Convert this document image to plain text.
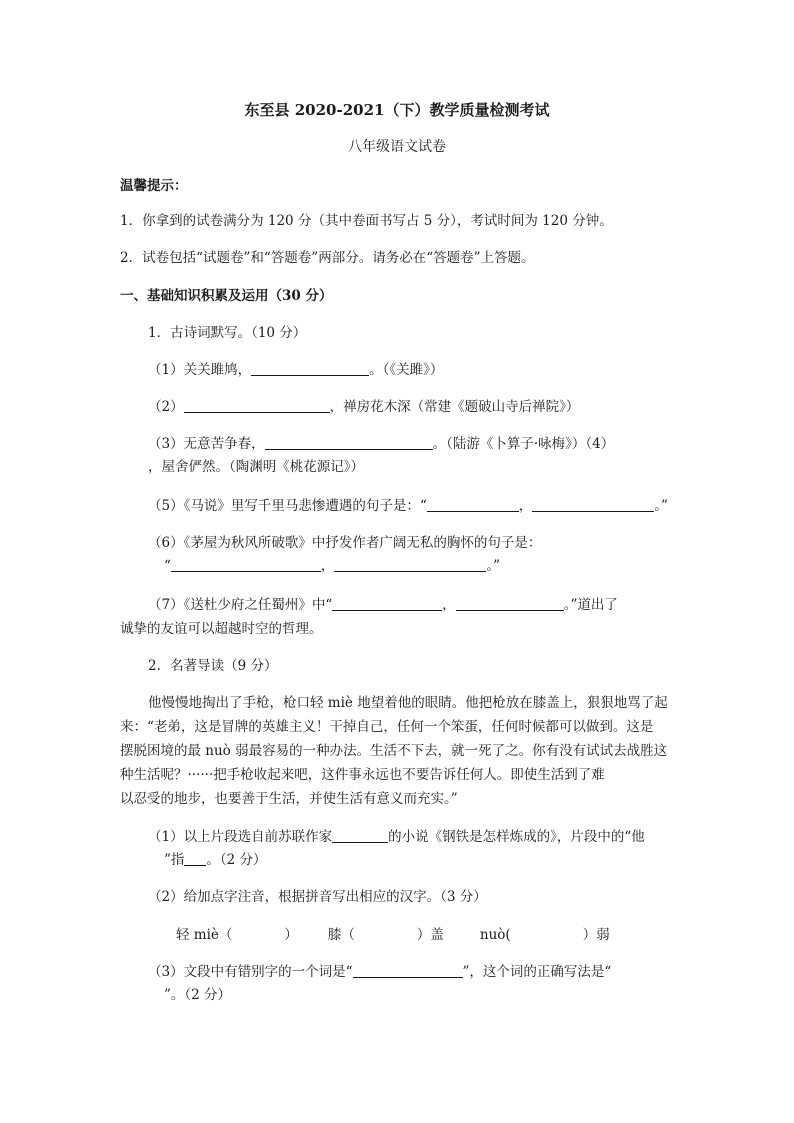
东至县 2020-2021（下）教学质量检测考试
八年级语文试卷
温馨提示：
1．你拿到的试卷满分为 120 分（其中卷面书写占 5 分），考试时间为 120 分钟。
2．试卷包括“试题卷”和“答题卷”两部分。请务必在“答题卷”上答题。
一、基础知识积累及运用（30 分）
1．古诗词默写。（10 分）
（1）关关雎鸠，	。（《关雎》）
（2）	，禅房花木深（常建《题破山寺后禅院》）
（3）无意苦争春，	。（陆游《卜算子·咏梅》）（4）
，屋舍俨然。（陶渊明《桃花源记》）
（5）《马说》里写千里马悲惨遭遇的句子是：“	，	。”
（6）《茅屋为秋风所破歌》中抒发作者广阔无私的胸怀的句子是：
“	，	。”
（7）《送杜少府之任蜀州》中“	，	。”道出了
诚挚的友谊可以超越时空的哲理。
2．名著导读（9 分）
他慢慢地掏出了手枪，枪口轻 miè 地望着他的眼睛。他把枪放在膝盖上，狠狠地骂了起
来：“老弟，这是冒牌的英雄主义！干掉自己，任何一个笨蛋，任何时候都可以做到。这是
摆脱困境的最 nuò 弱最容易的一种办法。生活不下去，就一死了之。你有没有试试去战胜这
种生活呢？······把手枪收起来吧，这件事永远也不要告诉任何人。即使生活到了难
以忍受的地步，也要善于生活，并使生活有意义而充实。”
（1）以上片段选自前苏联作家	的小说《钢铁是怎样炼成的》，片段中的“他
”指 。（2 分）
（2）给加点字注音，根据拼音写出相应的汉字。（3 分）
轻 miè（	） 膝（	）盖	nuò(	）弱
（3）文段中有错别字的一个词是“	”，这个词的正确写法是“
”。（2 分）
